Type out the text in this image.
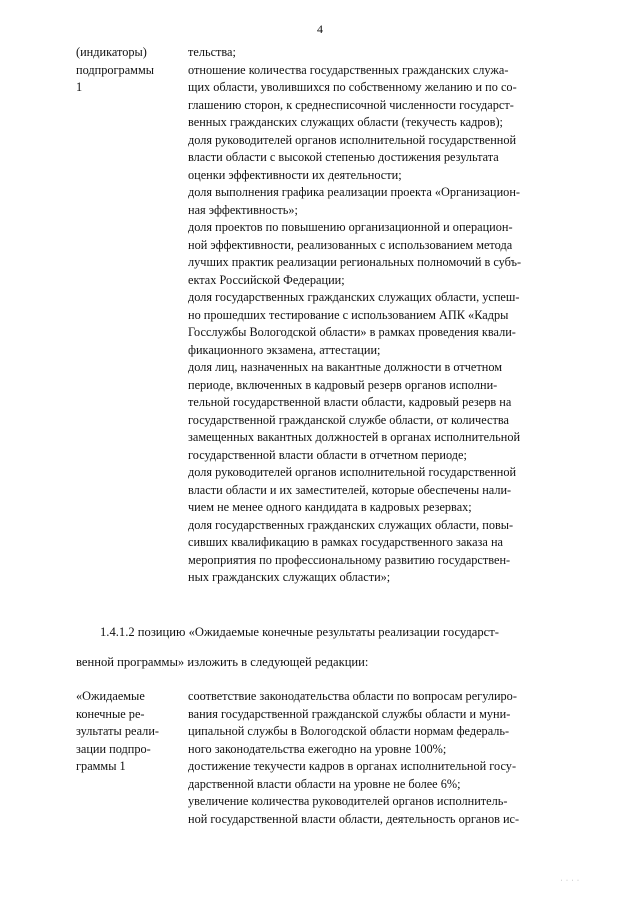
4
(индикаторы)
подпрограммы
1
тельства;
отношение количества государственных гражданских служа-
щих области, уволившихся по собственному желанию и по со-
глашению сторон, к среднесписочной численности государст-
венных гражданских служащих области (текучесть кадров);
доля руководителей органов исполнительной государственной
власти области с высокой степенью достижения результата
оценки эффективности их деятельности;
доля выполнения графика реализации проекта «Организацион-
ная эффективность»;
доля проектов по повышению организационной и операцион-
ной эффективности, реализованных с использованием метода
лучших практик реализации региональных полномочий в субъ-
ектах Российской Федерации;
доля государственных гражданских служащих области, успеш-
но прошедших тестирование с использованием АПК «Кадры
Госслужбы Вологодской области» в рамках проведения квали-
фикационного экзамена, аттестации;
доля лиц, назначенных на вакантные должности в отчетном
периоде, включенных в кадровый резерв органов исполни-
тельной государственной власти области, кадровый резерв на
государственной гражданской службе области, от количества
замещенных вакантных должностей в органах исполнительной
государственной власти области в отчетном периоде;
доля руководителей органов исполнительной государственной
власти области и их заместителей, которые обеспечены нали-
чием не менее одного кандидата в кадровых резервах;
доля государственных гражданских служащих области, повы-
сивших квалификацию в рамках государственного заказа на
мероприятия по профессиональному развитию государствен-
ных гражданских служащих области»;
1.4.1.2 позицию «Ожидаемые конечные результаты реализации государст-
венной программы» изложить в следующей редакции:
«Ожидаемые
конечные ре-
зультаты реали-
зации подпро-
граммы 1
соответствие законодательства области по вопросам регулиро-
вания государственной гражданской службы области и муни-
ципальной службы в Вологодской области нормам федераль-
ного законодательства ежегодно на уровне 100%;
достижение текучести кадров в органах исполнительной госу-
дарственной власти области на уровне не более 6%;
увеличение количества руководителей органов исполнитель-
ной государственной власти области, деятельность органов ис-
· · · ·
